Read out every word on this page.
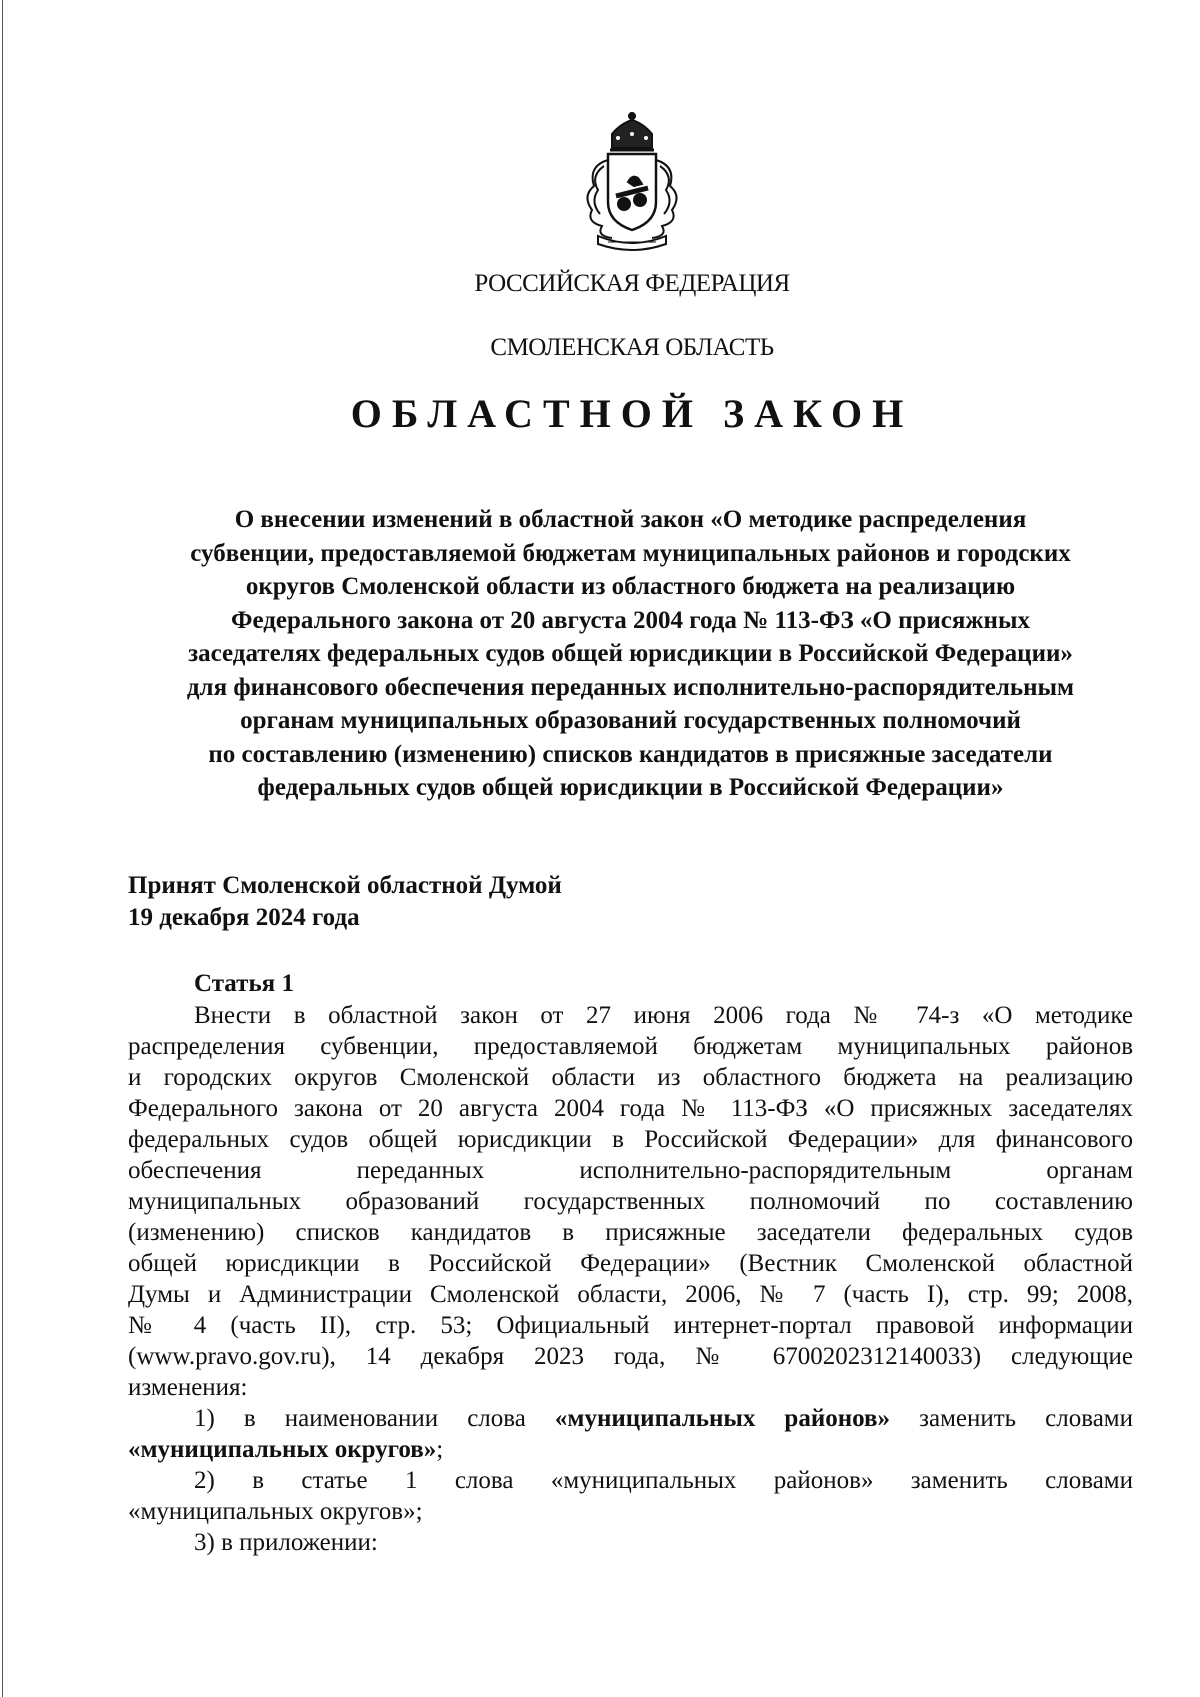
РОССИЙСКАЯ ФЕДЕРАЦИЯ
СМОЛЕНСКАЯ ОБЛАСТЬ
ОБЛАСТНОЙ ЗАКОН
О внесении изменений в областной закон «О методике распределения
субвенции, предоставляемой бюджетам муниципальных районов и городских
округов Смоленской области из областного бюджета на реализацию
Федерального закона от 20 августа 2004 года № 113-ФЗ «О присяжных
заседателях федеральных судов общей юрисдикции в Российской Федерации»
для финансового обеспечения переданных исполнительно-распорядительным
органам муниципальных образований государственных полномочий
по составлению (изменению) списков кандидатов в присяжные заседатели
федеральных судов общей юрисдикции в Российской Федерации»
Принят Смоленской областной Думой
19 декабря 2024 года
Статья 1
Внести в областной закон от 27 июня 2006 года № 74-з «О методике
распределения субвенции, предоставляемой бюджетам муниципальных районов
и городских округов Смоленской области из областного бюджета на реализацию
Федерального закона от 20 августа 2004 года № 113-ФЗ «О присяжных заседателях
федеральных судов общей юрисдикции в Российской Федерации» для финансового
обеспечения переданных исполнительно-распорядительным органам
муниципальных образований государственных полномочий по составлению
(изменению) списков кандидатов в присяжные заседатели федеральных судов
общей юрисдикции в Российской Федерации» (Вестник Смоленской областной
Думы и Администрации Смоленской области, 2006, № 7 (часть I), стр. 99; 2008,
№ 4 (часть II), стр. 53; Официальный интернет-портал правовой информации
(www.pravo.gov.ru), 14 декабря 2023 года, № 6700202312140033) следующие
изменения:
1) в наименовании слова «муниципальных районов» заменить словами
«муниципальных округов»;
2) в статье 1 слова «муниципальных районов» заменить словами
«муниципальных округов»;
3) в приложении:
